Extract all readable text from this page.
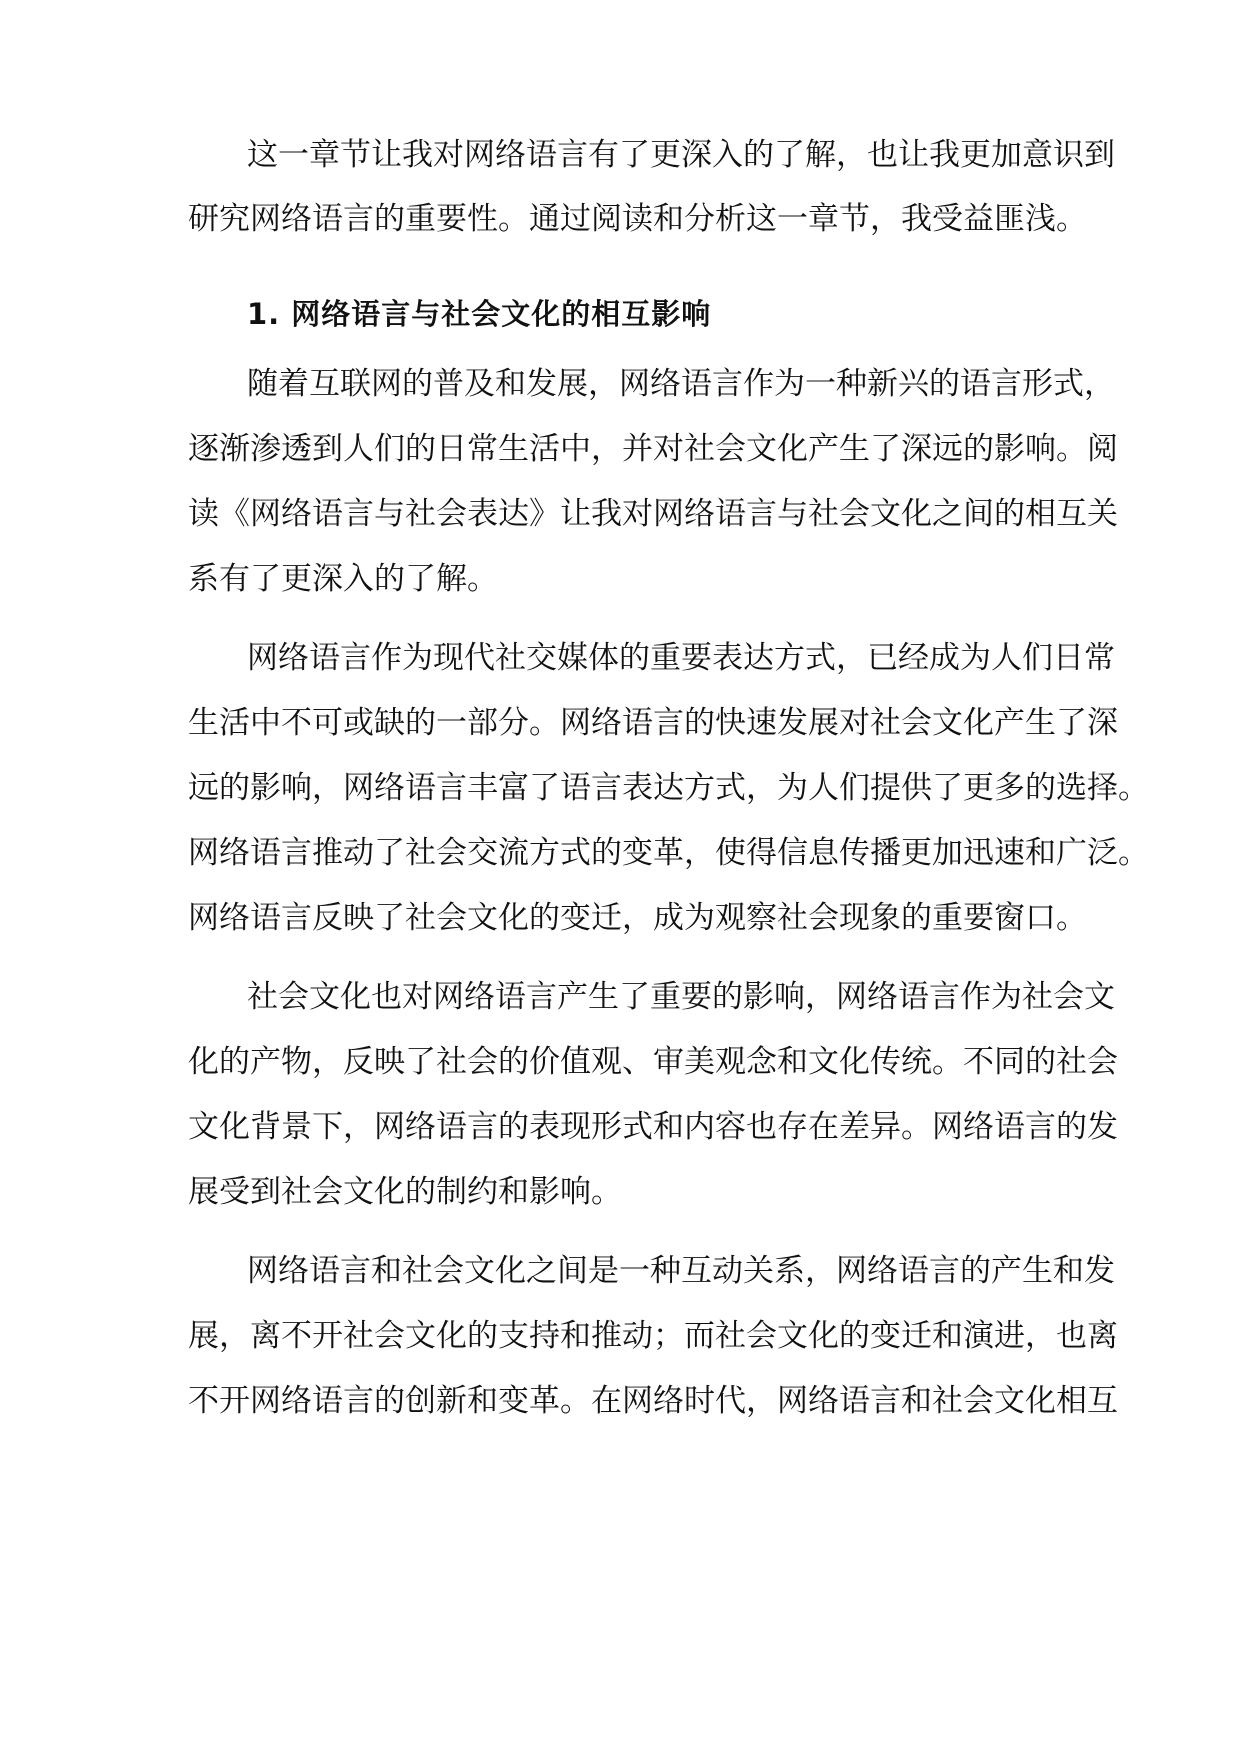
这一章节让我对网络语言有了更深入的了解，也让我更加意识到
研究网络语言的重要性。通过阅读和分析这一章节，我受益匪浅。
1. 网络语言与社会文化的相互影响
随着互联网的普及和发展，网络语言作为一种新兴的语言形式，
逐渐渗透到人们的日常生活中，并对社会文化产生了深远的影响。阅
读《网络语言与社会表达》让我对网络语言与社会文化之间的相互关
系有了更深入的了解。
网络语言作为现代社交媒体的重要表达方式，已经成为人们日常
生活中不可或缺的一部分。网络语言的快速发展对社会文化产生了深
远的影响，网络语言丰富了语言表达方式，为人们提供了更多的选择。
网络语言推动了社会交流方式的变革，使得信息传播更加迅速和广泛。
网络语言反映了社会文化的变迁，成为观察社会现象的重要窗口。
社会文化也对网络语言产生了重要的影响，网络语言作为社会文
化的产物，反映了社会的价值观、审美观念和文化传统。不同的社会
文化背景下，网络语言的表现形式和内容也存在差异。网络语言的发
展受到社会文化的制约和影响。
网络语言和社会文化之间是一种互动关系，网络语言的产生和发
展，离不开社会文化的支持和推动；而社会文化的变迁和演进，也离
不开网络语言的创新和变革。在网络时代，网络语言和社会文化相互
